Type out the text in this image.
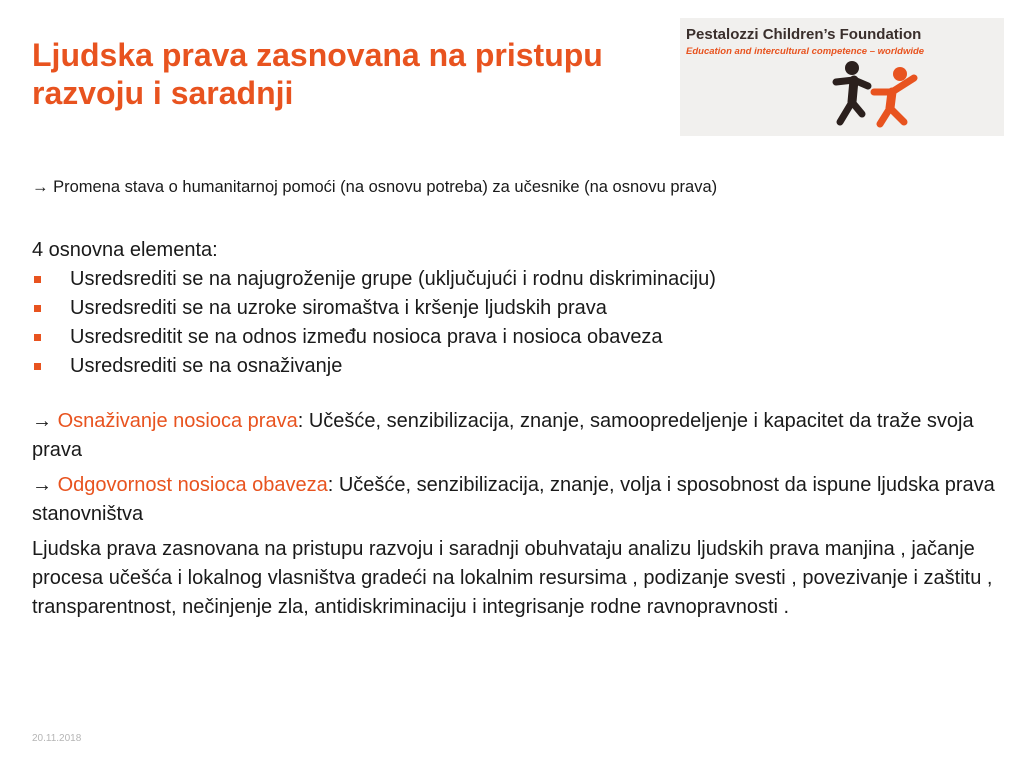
Ljudska prava zasnovana na pristupu razvoju i saradnji
Pestalozzi Children’s Foundation
Education and intercultural competence – worldwide
→ Promena stava o humanitarnoj pomoći (na osnovu potreba) za učesnike (na osnovu prava)

4 osnovna elementa:

Usredsrediti se na najugroženije grupe (uključujući i rodnu diskriminaciju)
Usredsrediti se na uzroke siromaštva i kršenje ljudskih prava
Usredsreditit se na odnos između nosioca prava i nosioca obaveza
Usredsrediti se na osnaživanje

→ Osnaživanje nosioca prava: Učešće, senzibilizacija, znanje, samoopredeljenje i kapacitet da traže svoja prava

→ Odgovornost nosioca obaveza: Učešće, senzibilizacija, znanje, volja i sposobnost da ispune ljudska prava stanovništva

Ljudska prava zasnovana na pristupu razvoju i saradnji obuhvataju analizu ljudskih prava manjina , jačanje procesa učešća i lokalnog vlasništva gradeći na lokalnim resursima , podizanje svesti , povezivanje i zaštitu , transparentnost, nečinjenje zla, antidiskriminaciju i integrisanje rodne ravnopravnosti .

20.11.2018
